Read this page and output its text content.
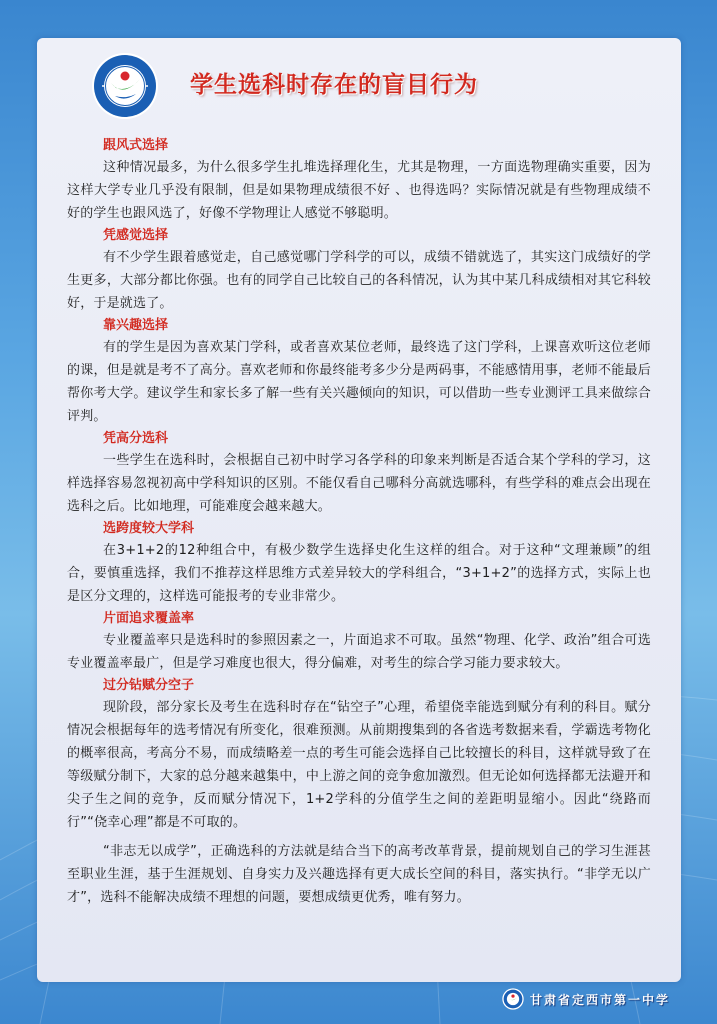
学生选科时存在的盲目行为

跟风式选择

这种情况最多，为什么很多学生扎堆选择理化生，尤其是物理，一方面选物理确实重要，因为这样大学专业几乎没有限制，但是如果物理成绩很不好 、也得选吗？实际情况就是有些物理成绩不好的学生也跟风选了，好像不学物理让人感觉不够聪明。

凭感觉选择

有不少学生跟着感觉走，自己感觉哪门学科学的可以，成绩不错就选了，其实这门成绩好的学生更多，大部分都比你强。也有的同学自己比较自己的各科情况，认为其中某几科成绩相对其它科较好，于是就选了。

靠兴趣选择

有的学生是因为喜欢某门学科，或者喜欢某位老师，最终选了这门学科，上课喜欢听这位老师的课，但是就是考不了高分。喜欢老师和你最终能考多少分是两码事，不能感情用事，老师不能最后帮你考大学。建议学生和家长多了解一些有关兴趣倾向的知识，可以借助一些专业测评工具来做综合评判。

凭高分选科

一些学生在选科时，会根据自己初中时学习各学科的印象来判断是否适合某个学科的学习，这样选择容易忽视初高中学科知识的区别。不能仅看自己哪科分高就选哪科，有些学科的难点会出现在选科之后。比如地理，可能难度会越来越大。

选跨度较大学科

在3+1+2的12种组合中，有极少数学生选择史化生这样的组合。对于这种“文理兼顾”的组合，要慎重选择，我们不推荐这样思维方式差异较大的学科组合，“3+1+2”的选择方式，实际上也是区分文理的，这样选可能报考的专业非常少。

片面追求覆盖率

专业覆盖率只是选科时的参照因素之一，片面追求不可取。虽然“物理、化学、政治”组合可选专业覆盖率最广，但是学习难度也很大，得分偏难，对考生的综合学习能力要求较大。

过分钻赋分空子

现阶段，部分家长及考生在选科时存在“钻空子”心理，希望侥幸能选到赋分有利的科目。赋分情况会根据每年的选考情况有所变化，很难预测。从前期搜集到的各省选考数据来看，学霸选考物化的概率很高，考高分不易，而成绩略差一点的考生可能会选择自己比较擅长的科目，这样就导致了在等级赋分制下，大家的总分越来越集中，中上游之间的竞争愈加激烈。但无论如何选择都无法避开和尖子生之间的竞争，反而赋分情况下，1+2学科的分值学生之间的差距明显缩小。因此“绕路而行”“侥幸心理”都是不可取的。

“非志无以成学”，正确选科的方法就是结合当下的高考改革背景，提前规划自己的学习生涯甚至职业生涯，基于生涯规划、自身实力及兴趣选择有更大成长空间的科目，落实执行。“非学无以广才”，选科不能解决成绩不理想的问题，要想成绩更优秀，唯有努力。

甘肃省定西市第一中学
